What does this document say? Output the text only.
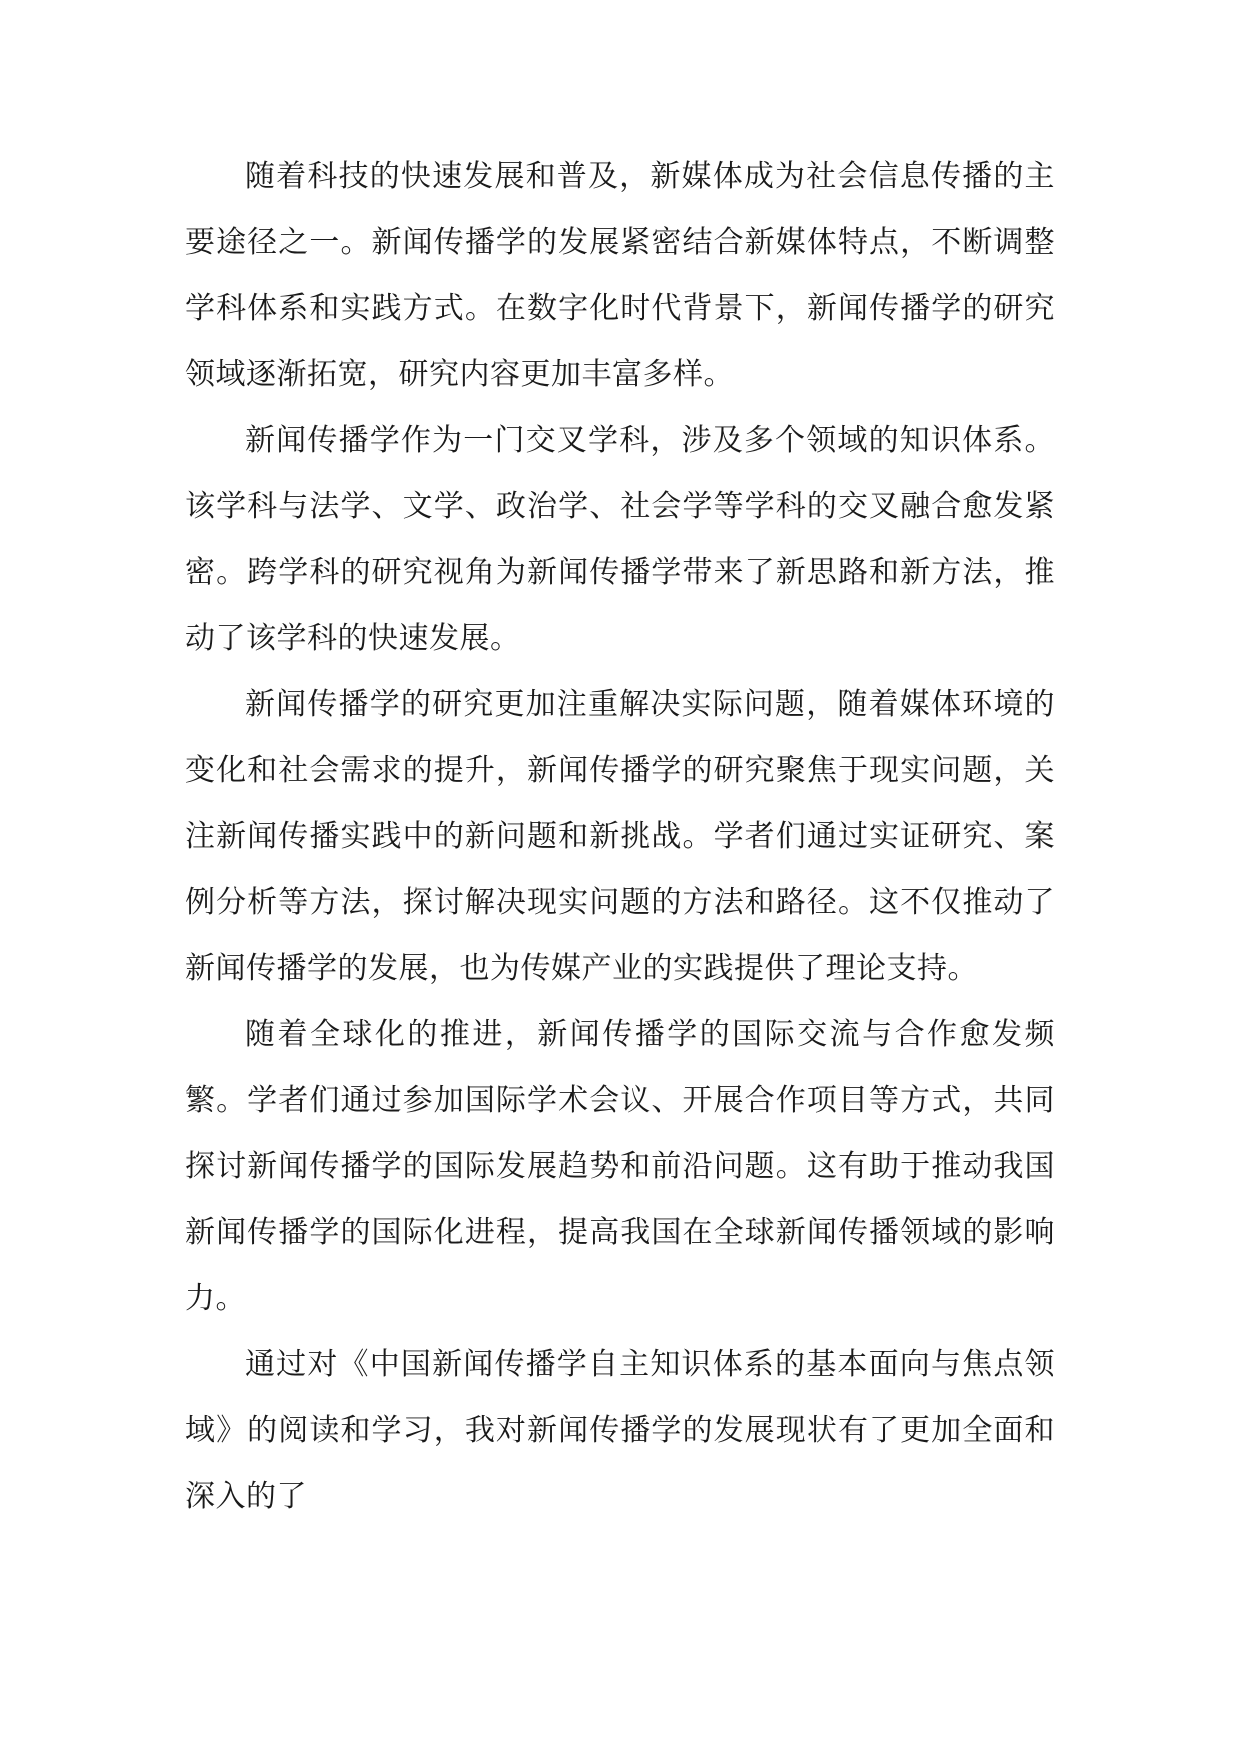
随着科技的快速发展和普及，新媒体成为社会信息传播的主要途径之一。新闻传播学的发展紧密结合新媒体特点，不断调整学科体系和实践方式。在数字化时代背景下，新闻传播学的研究领域逐渐拓宽，研究内容更加丰富多样。

新闻传播学作为一门交叉学科，涉及多个领域的知识体系。该学科与法学、文学、政治学、社会学等学科的交叉融合愈发紧密。跨学科的研究视角为新闻传播学带来了新思路和新方法，推动了该学科的快速发展。

新闻传播学的研究更加注重解决实际问题，随着媒体环境的变化和社会需求的提升，新闻传播学的研究聚焦于现实问题，关注新闻传播实践中的新问题和新挑战。学者们通过实证研究、案例分析等方法，探讨解决现实问题的方法和路径。这不仅推动了新闻传播学的发展，也为传媒产业的实践提供了理论支持。

随着全球化的推进，新闻传播学的国际交流与合作愈发频繁。学者们通过参加国际学术会议、开展合作项目等方式，共同探讨新闻传播学的国际发展趋势和前沿问题。这有助于推动我国新闻传播学的国际化进程，提高我国在全球新闻传播领域的影响力。

通过对《中国新闻传播学自主知识体系的基本面向与焦点领域》的阅读和学习，我对新闻传播学的发展现状有了更加全面和深入的了
